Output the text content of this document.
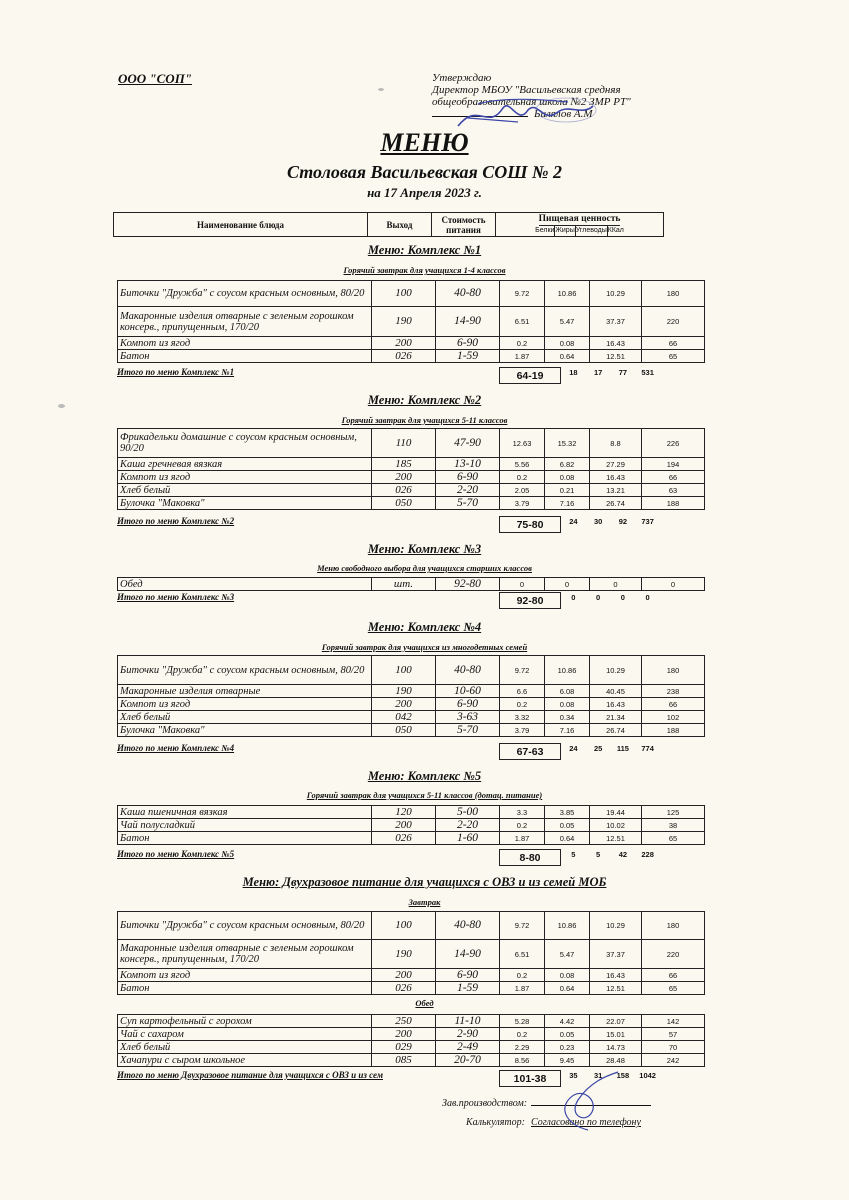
ООО "СОП"	Утверждаю
Директор МБОУ "Васильевская средняя
общеобразовательная школа №2 ЗМР РТ"
Билялов А.М
МЕНЮ
Столовая Васильевская СОШ № 2
на 17 Апреля 2023 г.
Наименование блюда	Выход	Стоимость питания
Пищевая ценность
Белки Жиры Углеводы ККал
Меню: Комплекс №1
Горячий завтрак для учащихся 1-4 классов
Биточки "Дружба" с соусом красным основным, 80/20	100	40-80	9.72	10.86	10.29	180
Макаронные изделия отварные с зеленым горошком консерв., припущенным, 170/20	190	14-90	6.51	5.47	37.37	220
Компот из ягод	200	6-90	0.2	0.08	16.43	66
Батон	026	1-59	1.87	0.64	12.51	65
Итого по меню Комплекс №1	64-19	18	17	77	531
Меню: Комплекс №2
Горячий завтрак для учащихся 5-11 классов
Фрикадельки домашние с соусом красным основным, 90/20	110	47-90	12.63	15.32	8.8	226
Каша гречневая вязкая	185	13-10	5.56	6.82	27.29	194
Компот из ягод	200	6-90	0.2	0.08	16.43	66
Хлеб белый	026	2-20	2.05	0.21	13.21	63
Булочка "Маковка"	050	5-70	3.79	7.16	26.74	188
Итого по меню Комплекс №2	75-80	24	30	92	737
Меню: Комплекс №3
Меню свободного выбора для учащихся старших классов
Обед	шт.	92-80	0	0	0	0
Итого по меню Комплекс №3	92-80	0	0	0	0
Меню: Комплекс №4
Горячий завтрак для учащихся из многодетных семей
Биточки "Дружба" с соусом красным основным, 80/20	100	40-80	9.72	10.86	10.29	180
Макаронные изделия отварные	190	10-60	6.6	6.08	40.45	238
Компот из ягод	200	6-90	0.2	0.08	16.43	66
Хлеб белый	042	3-63	3.32	0.34	21.34	102
Булочка "Маковка"	050	5-70	3.79	7.16	26.74	188
Итого по меню Комплекс №4	67-63	24	25	115	774
Меню: Комплекс №5
Горячий завтрак для учащихся 5-11 классов (дотац. питание)
Каша пшеничная вязкая	120	5-00	3.3	3.85	19.44	125
Чай полусладкий	200	2-20	0.2	0.05	10.02	38
Батон	026	1-60	1.87	0.64	12.51	65
Итого по меню Комплекс №5	8-80	5	5	42	228
Меню: Двухразовое питание для учащихся с ОВЗ и из семей МОБ
Завтрак
Биточки "Дружба" с соусом красным основным, 80/20	100	40-80	9.72	10.86	10.29	180
Макаронные изделия отварные с зеленым горошком консерв., припущенным, 170/20	190	14-90	6.51	5.47	37.37	220
Компот из ягод	200	6-90	0.2	0.08	16.43	66
Батон	026	1-59	1.87	0.64	12.51	65
Обед
Суп картофельный с горохом	250	11-10	5.28	4.42	22.07	142
Чай с сахаром	200	2-90	0.2	0.05	15.01	57
Хлеб белый	029	2-49	2.29	0.23	14.73	70
Хачапури с сыром школьное	085	20-70	8.56	9.45	28.48	242
Итого по меню Двухразовое питание для учащихся с ОВЗ и из сем	101-38	35	31	158	1042
Зав.производством:
Калькулятор: Согласовано по телефону
